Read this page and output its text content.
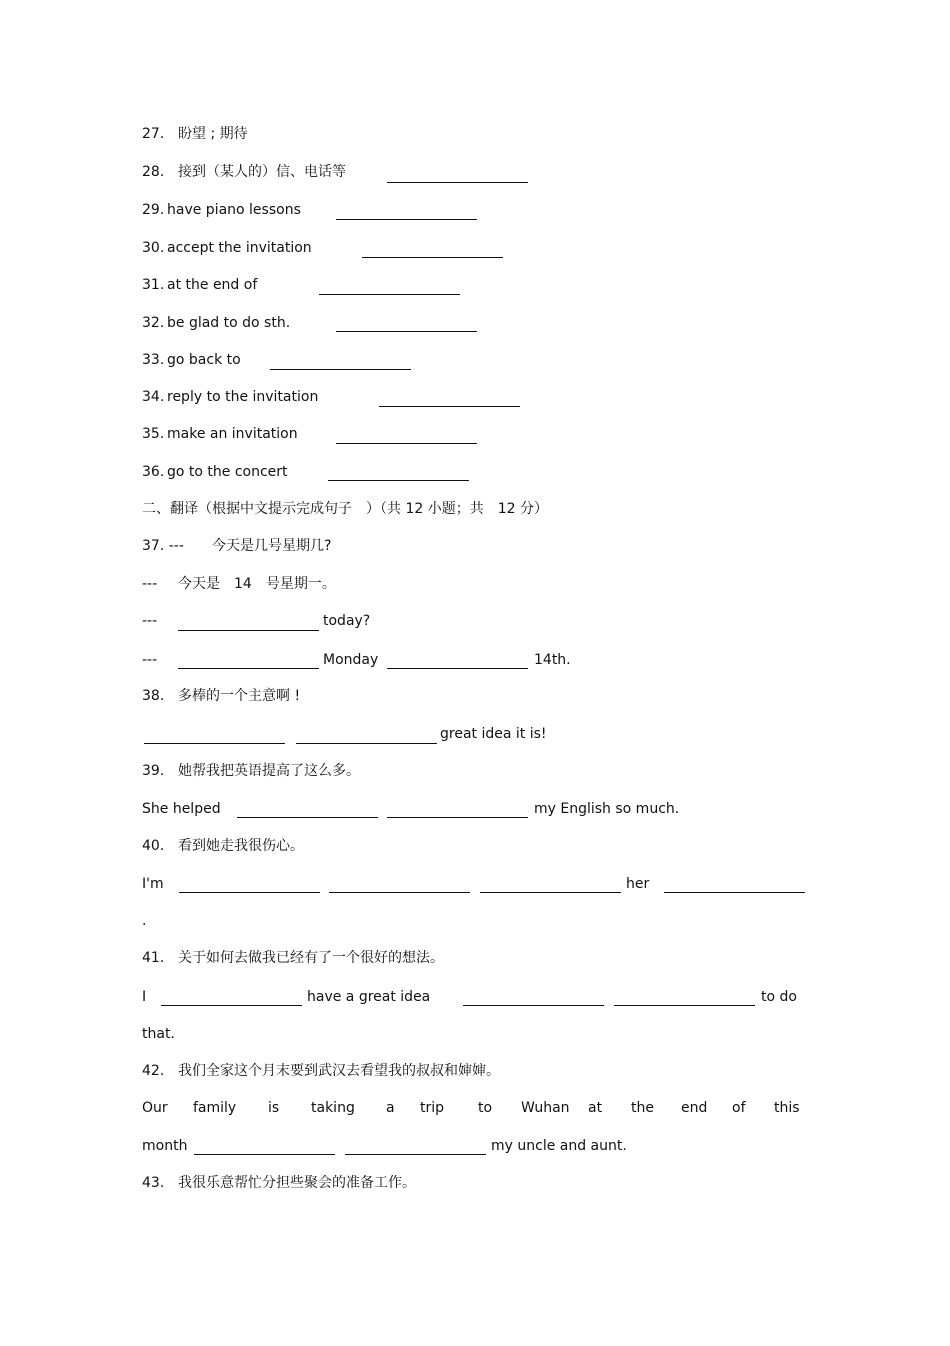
27. 盼望 ; 期待
28. 接到（某人的）信、电话等
29. have piano lessons
30. accept the invitation
31. at the end of
32. be glad to do sth.
33. go back to
34. reply to the invitation
35. make an invitation
36. go to the concert
二、翻译（根据中文提示完成句子　）（共 12 小题；共　12 分）
37. --- 今天是几号星期几?
--- 今天是　14　号星期一。
---	today?
---	Monday	14th.
38. 多棒的一个主意啊 !
great idea it is!
39. 她帮我把英语提高了这么多。
She helped	my English so much.
40. 看到她走我很伤心。
I'm	her
.
41. 关于如何去做我已经有了一个很好的想法。
I	have a great idea	to do
that.
42. 我们全家这个月末要到武汉去看望我的叔叔和婶婶。
Our family is taking a trip to Wuhan at the end of this
month	my uncle and aunt.
43. 我很乐意帮忙分担些聚会的准备工作。
